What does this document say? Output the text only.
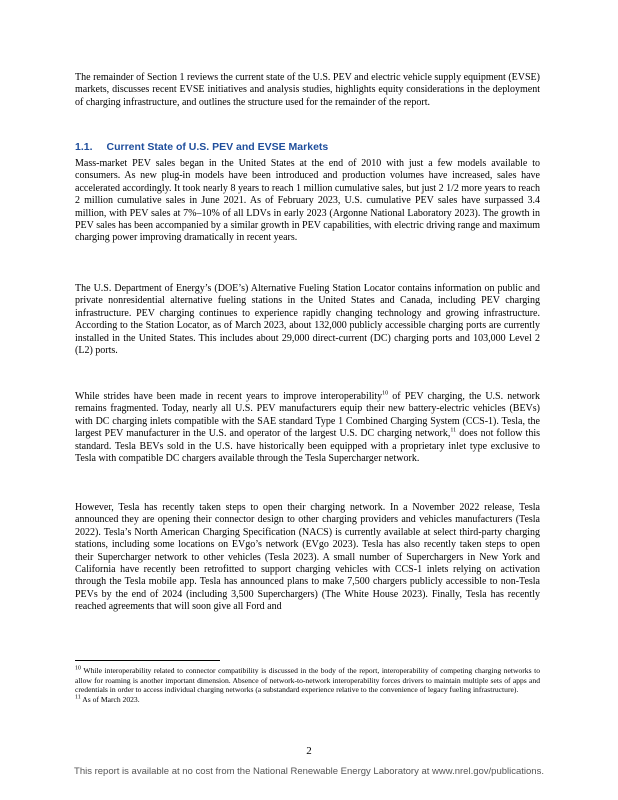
The remainder of Section 1 reviews the current state of the U.S. PEV and electric vehicle supply equipment (EVSE) markets, discusses recent EVSE initiatives and analysis studies, highlights equity considerations in the deployment of charging infrastructure, and outlines the structure used for the remainder of the report.

1.1. Current State of U.S. PEV and EVSE Markets

Mass-market PEV sales began in the United States at the end of 2010 with just a few models available to consumers. As new plug-in models have been introduced and production volumes have increased, sales have accelerated accordingly. It took nearly 8 years to reach 1 million cumulative sales, but just 2 1/2 more years to reach 2 million cumulative sales in June 2021. As of February 2023, U.S. cumulative PEV sales have surpassed 3.4 million, with PEV sales at 7%–10% of all LDVs in early 2023 (Argonne National Laboratory 2023). The growth in PEV sales has been accompanied by a similar growth in PEV capabilities, with electric driving range and maximum charging power improving dramatically in recent years.

The U.S. Department of Energy’s (DOE’s) Alternative Fueling Station Locator contains information on public and private nonresidential alternative fueling stations in the United States and Canada, including PEV charging infrastructure. PEV charging continues to experience rapidly changing technology and growing infrastructure. According to the Station Locator, as of March 2023, about 132,000 publicly accessible charging ports are currently installed in the United States. This includes about 29,000 direct-current (DC) charging ports and 103,000 Level 2 (L2) ports.

While strides have been made in recent years to improve interoperability$^{10}$ of PEV charging, the U.S. network remains fragmented. Today, nearly all U.S. PEV manufacturers equip their new battery-electric vehicles (BEVs) with DC charging inlets compatible with the SAE standard Type 1 Combined Charging System (CCS-1). Tesla, the largest PEV manufacturer in the U.S. and operator of the largest U.S. DC charging network,$^{11}$ does not follow this standard. Tesla BEVs sold in the U.S. have historically been equipped with a proprietary inlet type exclusive to Tesla with compatible DC chargers available through the Tesla Supercharger network.

However, Tesla has recently taken steps to open their charging network. In a November 2022 release, Tesla announced they are opening their connector design to other charging providers and vehicles manufacturers (Tesla 2022). Tesla’s North American Charging Specification (NACS) is currently available at select third-party charging stations, including some locations on EVgo’s network (EVgo 2023). Tesla has also recently taken steps to open their Supercharger network to other vehicles (Tesla 2023). A small number of Superchargers in New York and California have recently been retrofitted to support charging vehicles with CCS-1 inlets relying on activation through the Tesla mobile app. Tesla has announced plans to make 7,500 chargers publicly accessible to non-Tesla PEVs by the end of 2024 (including 3,500 Superchargers) (The White House 2023). Finally, Tesla has recently reached agreements that will soon give all Ford and

$^{10}$ While interoperability related to connector compatibility is discussed in the body of the report, interoperability of competing charging networks to allow for roaming is another important dimension. Absence of network-to-network interoperability forces drivers to maintain multiple sets of apps and credentials in order to access individual charging networks (a substandard experience relative to the convenience of legacy fueling infrastructure).

$^{11}$ As of March 2023.

2
This report is available at no cost from the National Renewable Energy Laboratory at www.nrel.gov/publications.
